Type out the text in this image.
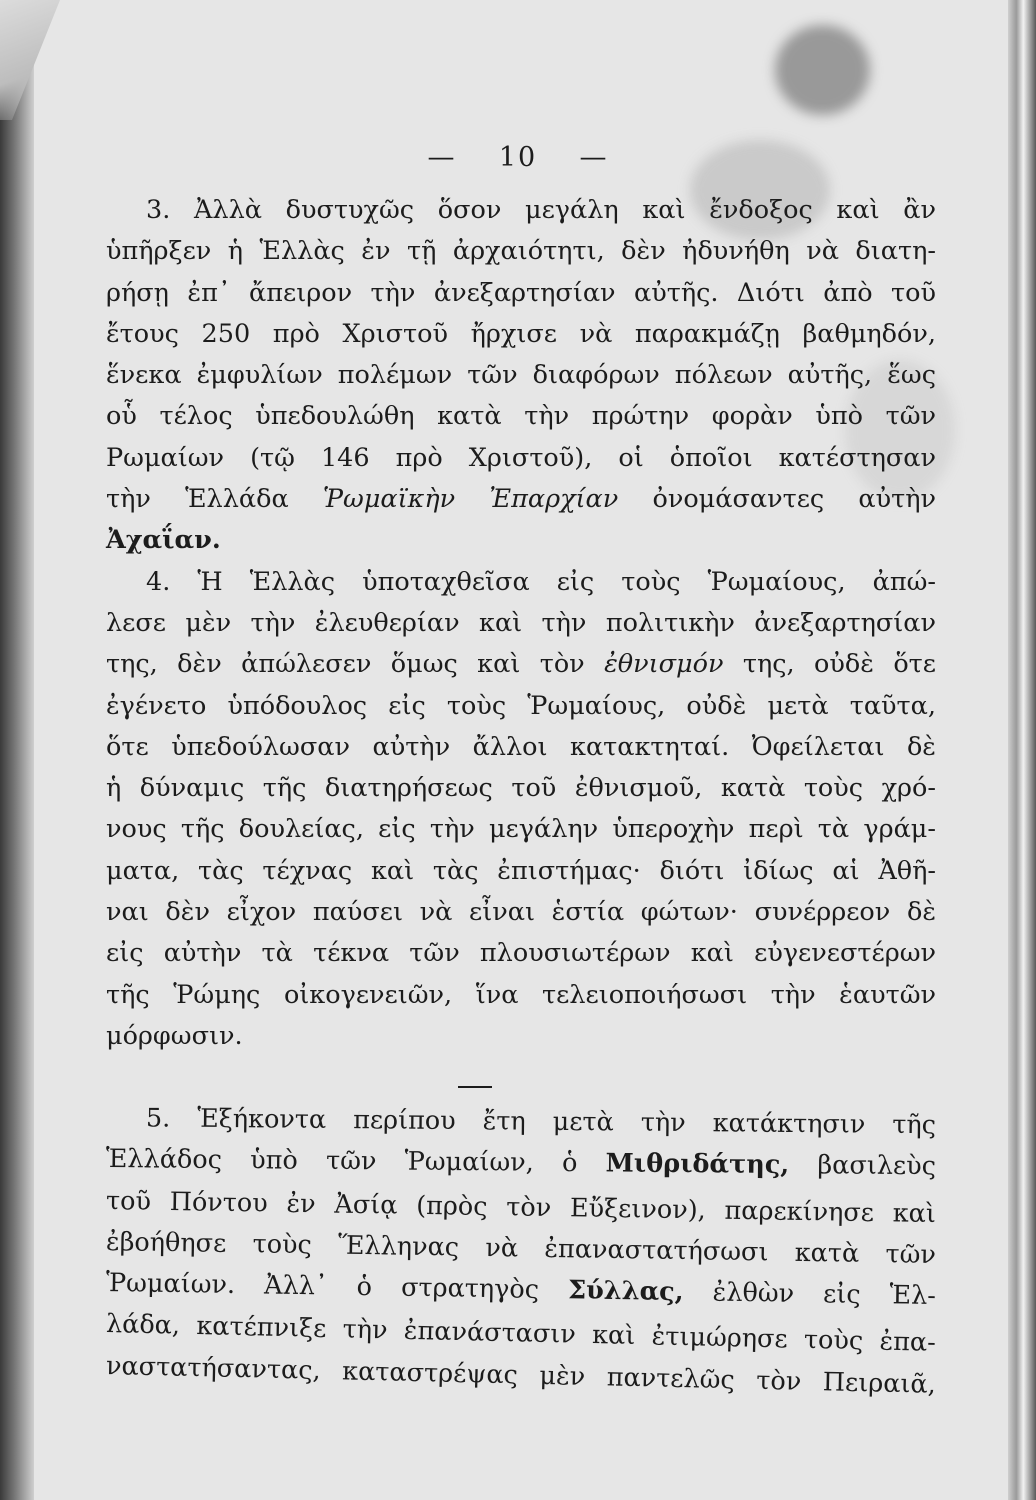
— 10 —
3. Ἀλλὰ δυστυχῶς ὅσον μεγάλη καὶ ἔνδοξος καὶ ἂν
ὑπῆρξεν ἡ Ἑλλὰς ἐν τῇ ἀρχαιότητι, δὲν ἠδυνήθη νὰ διατη-
ρήσῃ ἐπ᾽ ἄπειρον τὴν ἀνεξαρτησίαν αὐτῆς. Διότι ἀπὸ τοῦ
ἔτους 250 πρὸ Χριστοῦ ἤρχισε νὰ παρακμάζῃ βαθμηδόν,
ἕνεκα ἐμφυλίων πολέμων τῶν διαφόρων πόλεων αὐτῆς, ἕως
οὗ τέλος ὑπεδουλώθη κατὰ τὴν πρώτην φορὰν ὑπὸ τῶν
Ρωμαίων (τῷ 146 πρὸ Χριστοῦ), οἱ ὁποῖοι κατέστησαν
τὴν Ἑλλάδα Ῥωμαϊκὴν Ἐπαρχίαν ὀνομάσαντες αὐτὴν
Ἀχαΐαν.
4. Ἡ Ἑλλὰς ὑποταχθεῖσα εἰς τοὺς Ῥωμαίους, ἀπώ-
λεσε μὲν τὴν ἐλευθερίαν καὶ τὴν πολιτικὴν ἀνεξαρτησίαν
της, δὲν ἀπώλεσεν ὅμως καὶ τὸν ἐθνισμόν της, οὐδὲ ὅτε
ἐγένετο ὑπόδουλος εἰς τοὺς Ῥωμαίους, οὐδὲ μετὰ ταῦτα,
ὅτε ὑπεδούλωσαν αὐτὴν ἄλλοι κατακτηταί. Ὀφείλεται δὲ
ἡ δύναμις τῆς διατηρήσεως τοῦ ἐθνισμοῦ, κατὰ τοὺς χρό-
νους τῆς δουλείας, εἰς τὴν μεγάλην ὑπεροχὴν περὶ τὰ γράμ-
ματα, τὰς τέχνας καὶ τὰς ἐπιστήμας· διότι ἰδίως αἱ Ἀθῆ-
ναι δὲν εἶχον παύσει νὰ εἶναι ἑστία φώτων· συνέρρεον δὲ
εἰς αὐτὴν τὰ τέκνα τῶν πλουσιωτέρων καὶ εὐγενεστέρων
τῆς Ῥώμης οἰκογενειῶν, ἵνα τελειοποιήσωσι τὴν ἑαυτῶν
μόρφωσιν.
5. Ἑξήκοντα περίπου ἔτη μετὰ τὴν κατάκτησιν τῆς
Ἑλλάδος ὑπὸ τῶν Ῥωμαίων, ὁ Μιθριδάτης, βασιλεὺς
τοῦ Πόντου ἐν Ἀσίᾳ (πρὸς τὸν Εὔξεινον), παρεκίνησε καὶ
ἐβοήθησε τοὺς Ἕλληνας νὰ ἐπαναστατήσωσι κατὰ τῶν
Ῥωμαίων. Ἀλλ᾽ ὁ στρατηγὸς Σύλλας, ἐλθὼν εἰς Ἑλ-
λάδα, κατέπνιξε τὴν ἐπανάστασιν καὶ ἐτιμώρησε τοὺς ἐπα-
ναστατήσαντας, καταστρέψας μὲν παντελῶς τὸν Πειραιᾶ,
